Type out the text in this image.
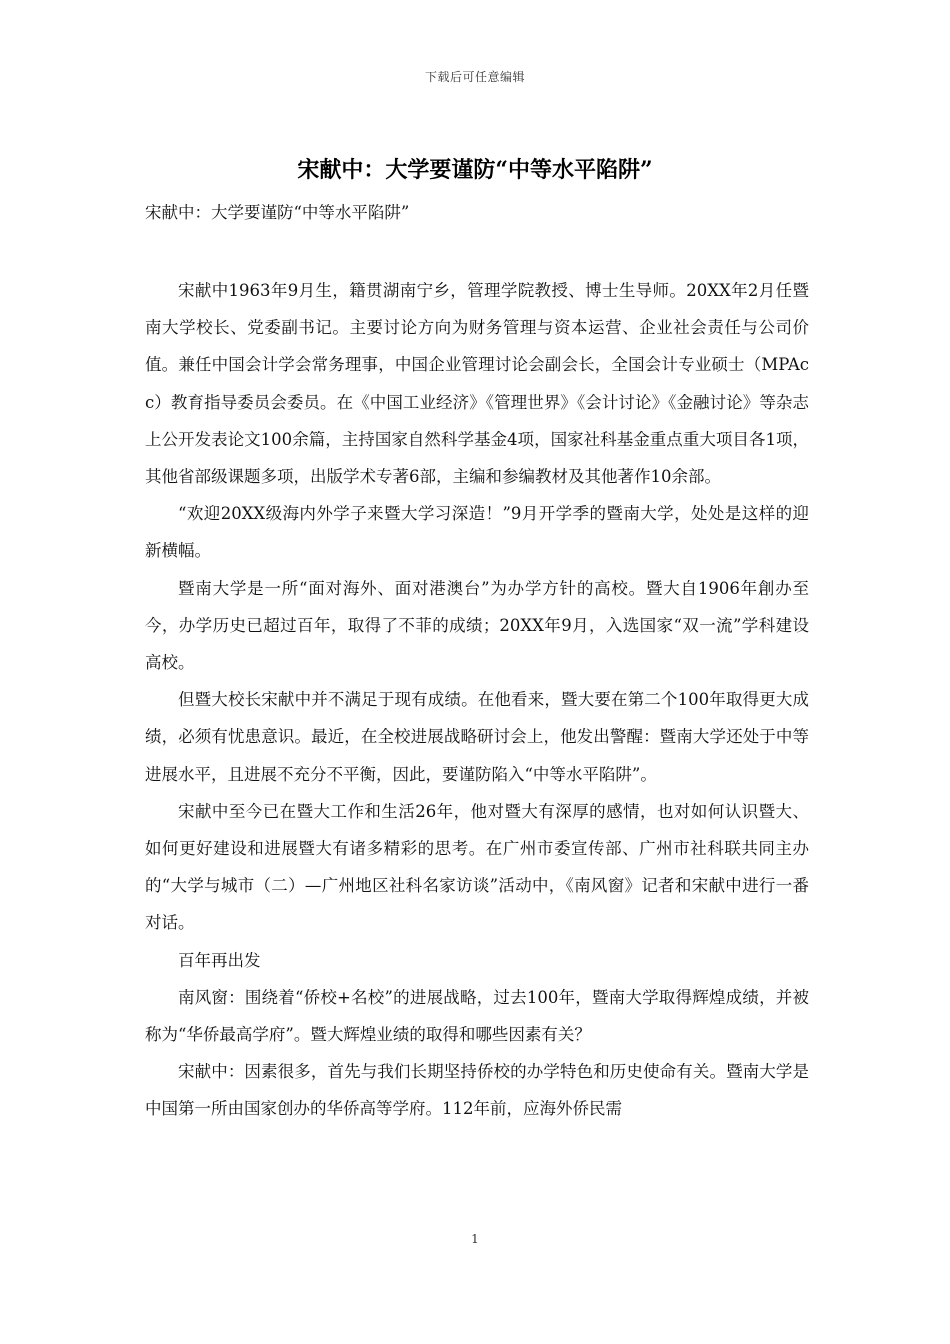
下载后可任意编辑
宋献中：大学要谨防“中等水平陷阱”

宋献中：大学要谨防“中等水平陷阱”

宋献中1963年9月生，籍贯湖南宁乡，管理学院教授、博士生导师。20XX年2月任暨南大学校长、党委副书记。主要讨论方向为财务管理与资本运营、企业社会责任与公司价值。兼任中国会计学会常务理事，中国企业管理讨论会副会长，全国会计专业硕士（MPAcc）教育指导委员会委员。在《中国工业经济》《管理世界》《会计讨论》《金融讨论》等杂志上公开发表论文100余篇，主持国家自然科学基金4项，国家社科基金重点重大项目各1项，其他省部级课题多项，出版学术专著6部，主编和参编教材及其他著作10余部。

“欢迎20XX级海内外学子来暨大学习深造！”9月开学季的暨南大学，处处是这样的迎新横幅。

暨南大学是一所“面对海外、面对港澳台”为办学方针的高校。暨大自1906年創办至今，办学历史已超过百年，取得了不菲的成绩；20XX年9月，入选国家“双一流”学科建设高校。

但暨大校长宋献中并不满足于现有成绩。在他看来，暨大要在第二个100年取得更大成绩，必须有忧患意识。最近，在全校进展战略研讨会上，他发出警醒：暨南大学还处于中等进展水平，且进展不充分不平衡，因此，要谨防陷入“中等水平陷阱”。

宋献中至今已在暨大工作和生活26年，他对暨大有深厚的感情，也对如何认识暨大、如何更好建设和进展暨大有诸多精彩的思考。在广州市委宣传部、广州市社科联共同主办的“大学与城市（二）—广州地区社科名家访谈”活动中，《南风窗》记者和宋献中进行一番对话。

百年再出发

南风窗：围绕着“侨校+名校”的进展战略，过去100年，暨南大学取得辉煌成绩，并被称为“华侨最高学府”。暨大辉煌业绩的取得和哪些因素有关？

宋献中：因素很多，首先与我们长期坚持侨校的办学特色和历史使命有关。暨南大学是中国第一所由国家创办的华侨高等学府。112年前，应海外侨民需

1
